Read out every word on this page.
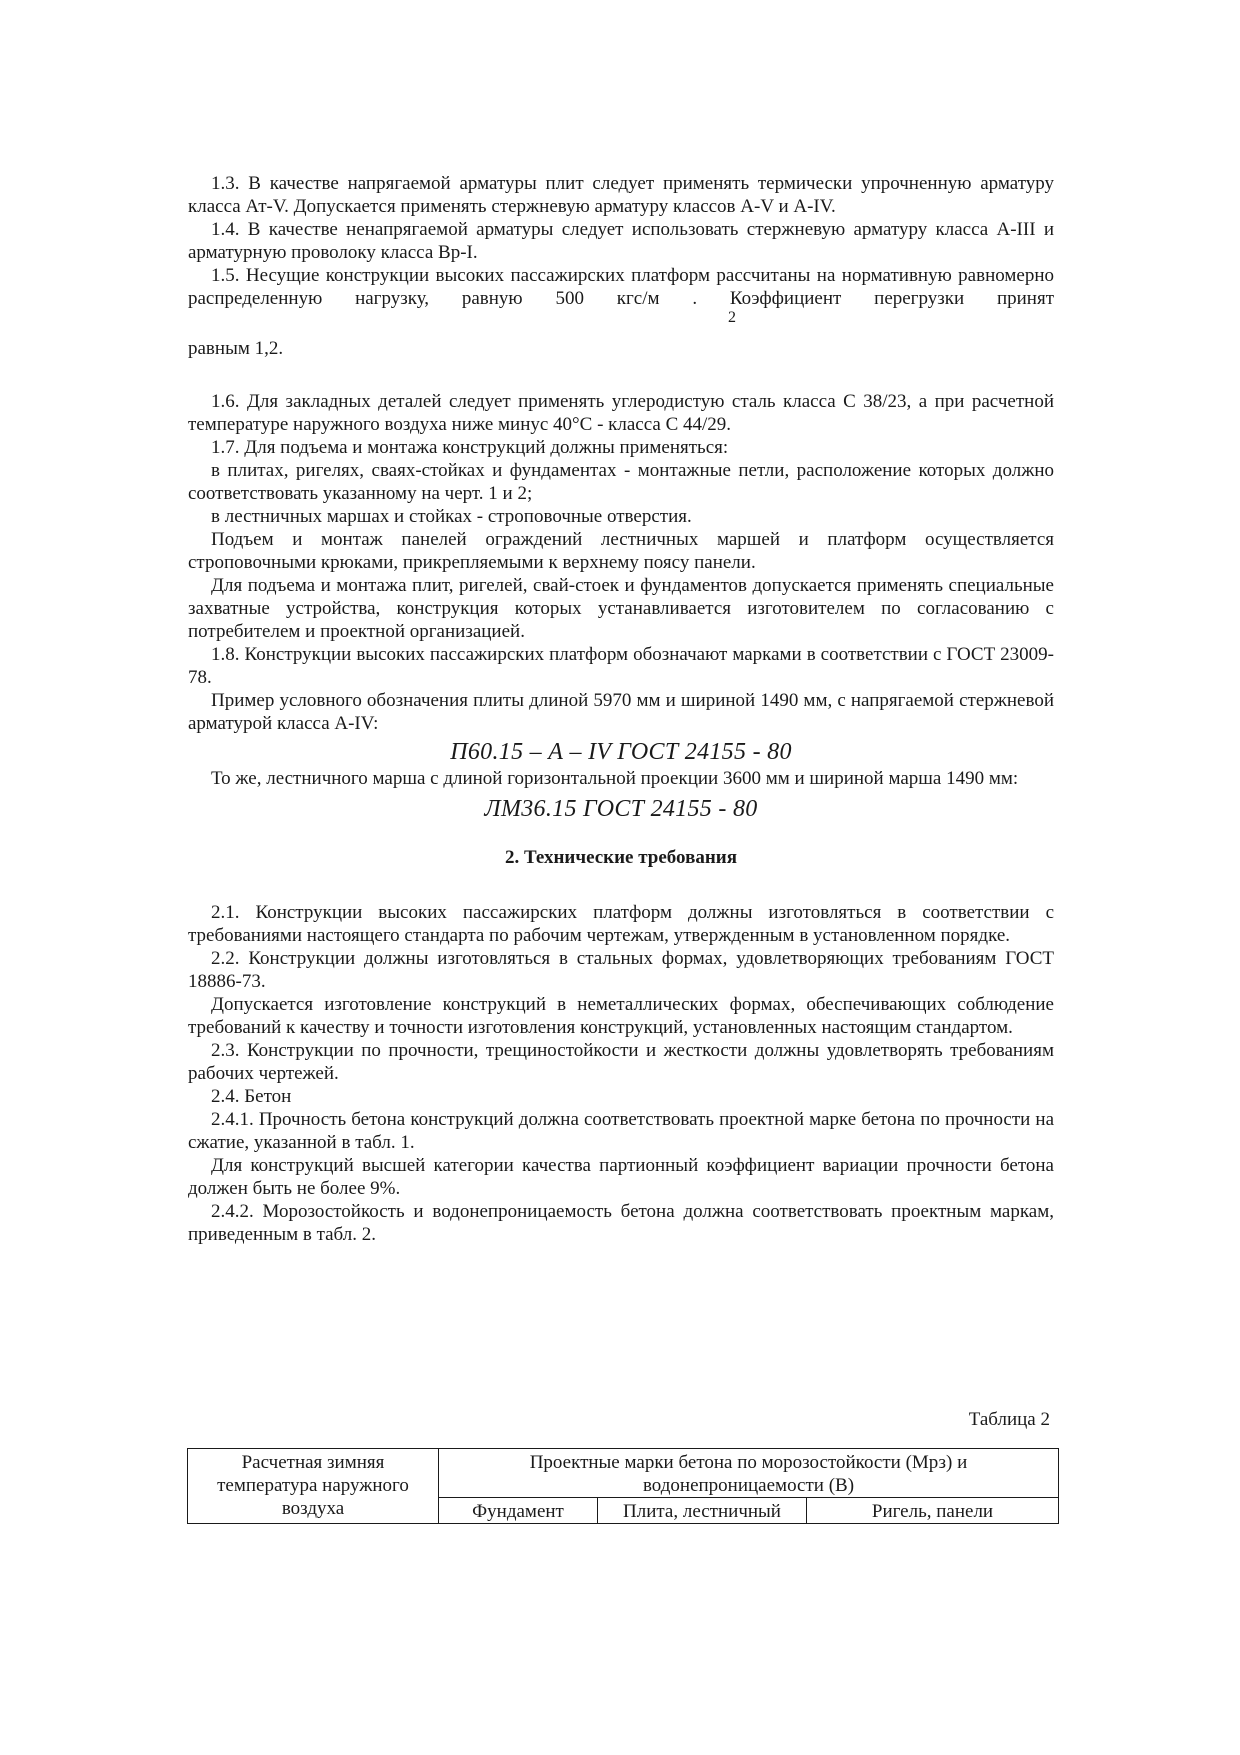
1.3. В качестве напрягаемой арматуры плит следует применять термически упрочненную арматуру класса Ат-V. Допускается применять стержневую арматуру классов А-V и А-IV.

1.4. В качестве ненапрягаемой арматуры следует использовать стержневую арматуру класса А-III и арматурную проволоку класса Вр-I.

1.5. Несущие конструкции высоких пассажирских платформ рассчитаны на нормативную равномерно распределенную нагрузку, равную 500 кгс/м . Коэффициент перегрузки принят

2

равным 1,2.

1.6. Для закладных деталей следует применять углеродистую сталь класса С 38/23, а при расчетной температуре наружного воздуха ниже минус 40°С - класса С 44/29.

1.7. Для подъема и монтажа конструкций должны применяться:

в плитах, ригелях, сваях-стойках и фундаментах - монтажные петли, расположение которых должно соответствовать указанному на черт. 1 и 2;

в лестничных маршах и стойках - строповочные отверстия.

Подъем и монтаж панелей ограждений лестничных маршей и платформ осуществляется строповочными крюками, прикрепляемыми к верхнему поясу панели.

Для подъема и монтажа плит, ригелей, свай-стоек и фундаментов допускается применять специальные захватные устройства, конструкция которых устанавливается изготовителем по согласованию с потребителем и проектной организацией.

1.8. Конструкции высоких пассажирских платформ обозначают марками в соответствии с ГОСТ 23009-78.

Пример условного обозначения плиты длиной 5970 мм и шириной 1490 мм, с напрягаемой стержневой арматурой класса А-IV:

П60.15 – А – IV ГОСТ 24155 - 80

То же, лестничного марша с длиной горизонтальной проекции 3600 мм и шириной марша 1490 мм:

ЛМ36.15 ГОСТ 24155 - 80
2. Технические требования

2.1. Конструкции высоких пассажирских платформ должны изготовляться в соответствии с требованиями настоящего стандарта по рабочим чертежам, утвержденным в установленном порядке.

2.2. Конструкции должны изготовляться в стальных формах, удовлетворяющих требованиям ГОСТ 18886-73.

Допускается изготовление конструкций в неметаллических формах, обеспечивающих соблюдение требований к качеству и точности изготовления конструкций, установленных настоящим стандартом.

2.3. Конструкции по прочности, трещиностойкости и жесткости должны удовлетворять требованиям рабочих чертежей.

2.4. Бетон

2.4.1. Прочность бетона конструкций должна соответствовать проектной марке бетона по прочности на сжатие, указанной в табл. 1.

Для конструкций высшей категории качества партионный коэффициент вариации прочности бетона должен быть не более 9%.

2.4.2. Морозостойкость и водонепроницаемость бетона должна соответствовать проектным маркам, приведенным в табл. 2.

Таблица 2
Расчетная зимняя температура наружного воздуха	Проектные марки бетона по морозостойкости (Мрз) и водонепроницаемости (В)		
	Фундамент	Плита, лестничный	Ригель, панели
